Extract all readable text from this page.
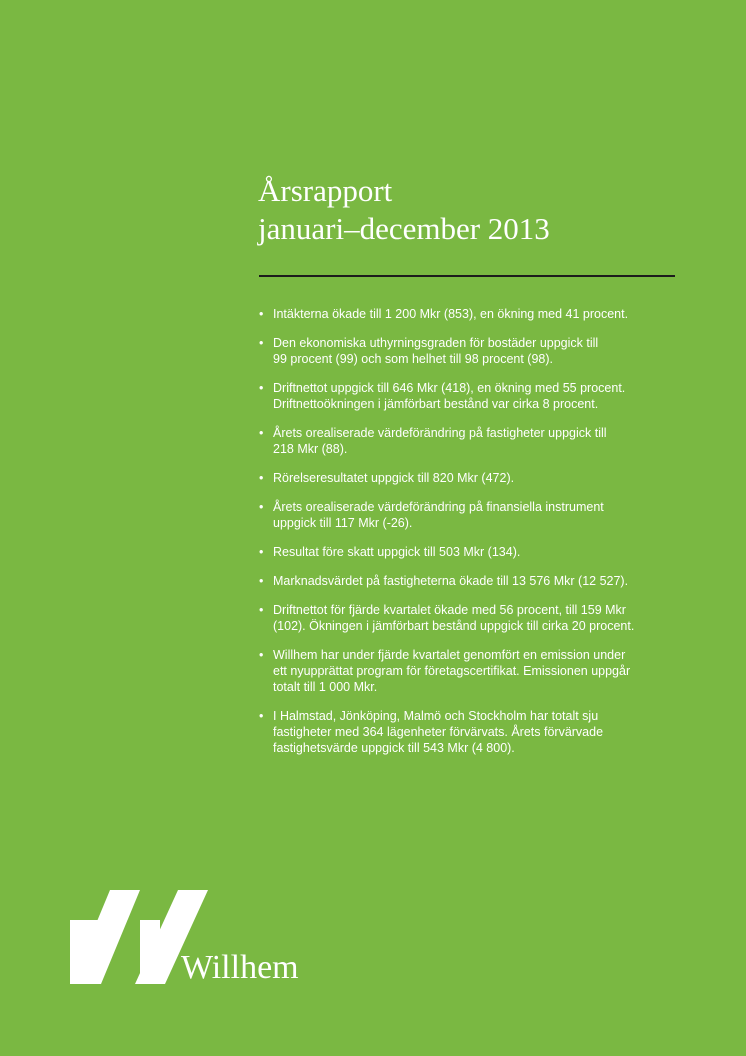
Årsrapport
januari–december 2013
• Intäkterna ökade till 1 200 Mkr (853), en ökning med 41 procent.
• Den ekonomiska uthyrningsgraden för bostäder uppgick till
99 procent (99) och som helhet till 98 procent (98).
• Driftnettot uppgick till 646 Mkr (418), en ökning med 55 procent.
Driftnettoökningen i jämförbart bestånd var cirka 8 procent.
• Årets orealiserade värdeförändring på fastigheter uppgick till
218 Mkr (88).
• Rörelseresultatet uppgick till 820 Mkr (472).
• Årets orealiserade värdeförändring på finansiella instrument
uppgick till 117 Mkr (-26).
• Resultat före skatt uppgick till 503 Mkr (134).
• Marknadsvärdet på fastigheterna ökade till 13 576 Mkr (12 527).
• Driftnettot för fjärde kvartalet ökade med 56 procent, till 159 Mkr
(102). Ökningen i jämförbart bestånd uppgick till cirka 20 procent.
• Willhem har under fjärde kvartalet genomfört en emission under
ett nyupprättat program för företagscertifikat. Emissionen uppgår
totalt till 1 000 Mkr.
• I Halmstad, Jönköping, Malmö och Stockholm har totalt sju
fastigheter med 364 lägenheter förvärvats. Årets förvärvade
fastighetsvärde uppgick till 543 Mkr (4 800).
Willhem
